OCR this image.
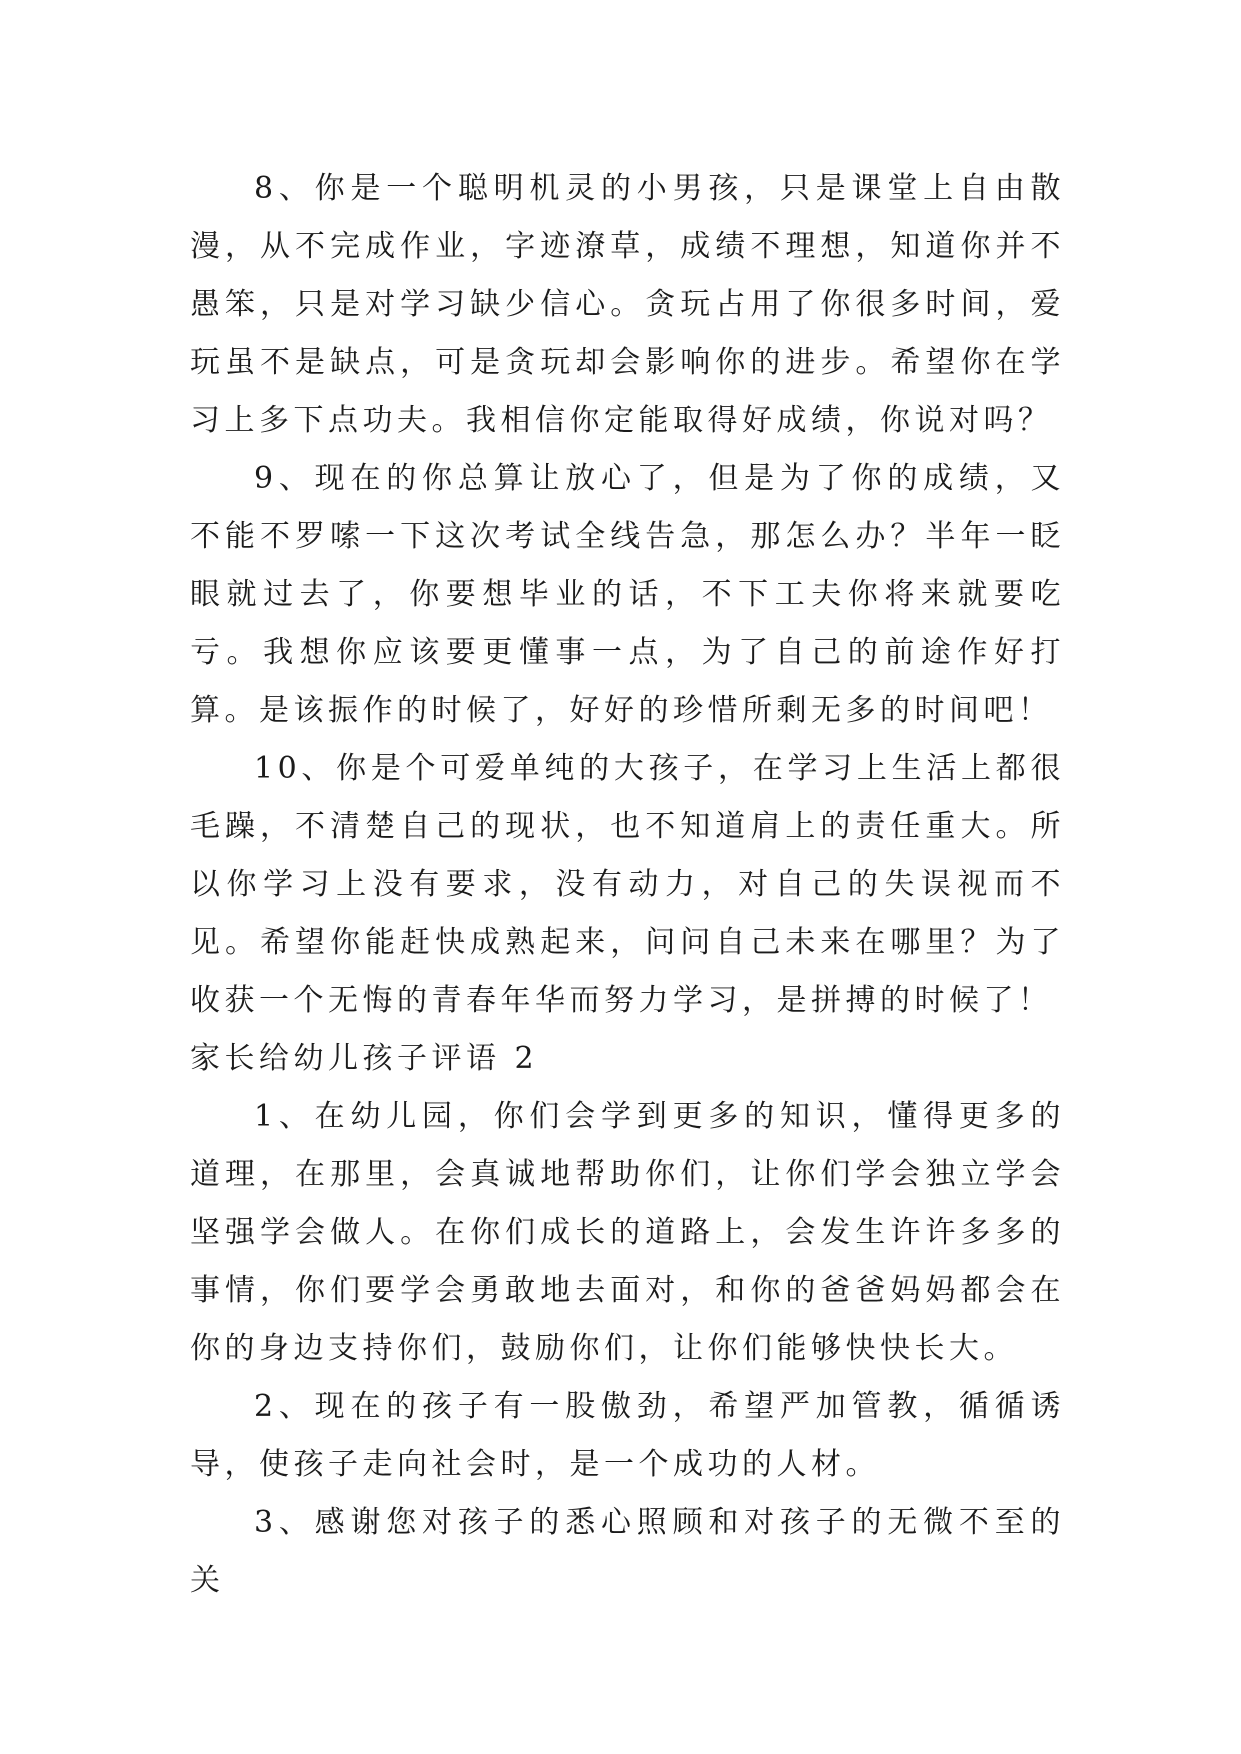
8、你是一个聪明机灵的小男孩，只是课堂上自由散漫，从不完成作业，字迹潦草，成绩不理想，知道你并不愚笨，只是对学习缺少信心。贪玩占用了你很多时间，爱玩虽不是缺点，可是贪玩却会影响你的进步。希望你在学习上多下点功夫。我相信你定能取得好成绩，你说对吗？

9、现在的你总算让放心了，但是为了你的成绩，又不能不罗嗦一下这次考试全线告急，那怎么办？半年一眨眼就过去了，你要想毕业的话，不下工夫你将来就要吃亏。我想你应该要更懂事一点，为了自己的前途作好打算。是该振作的时候了，好好的珍惜所剩无多的时间吧！

10、你是个可爱单纯的大孩子，在学习上生活上都很毛躁，不清楚自己的现状，也不知道肩上的责任重大。所以你学习上没有要求，没有动力，对自己的失误视而不见。希望你能赶快成熟起来，问问自己未来在哪里？为了收获一个无悔的青春年华而努力学习，是拼搏的时候了！

家长给幼儿孩子评语 2

1、在幼儿园，你们会学到更多的知识，懂得更多的道理，在那里，会真诚地帮助你们，让你们学会独立学会坚强学会做人。在你们成长的道路上，会发生许许多多的事情，你们要学会勇敢地去面对，和你的爸爸妈妈都会在你的身边支持你们，鼓励你们，让你们能够快快长大。

2、现在的孩子有一股傲劲，希望严加管教，循循诱导，使孩子走向社会时，是一个成功的人材。

3、感谢您对孩子的悉心照顾和对孩子的无微不至的关
